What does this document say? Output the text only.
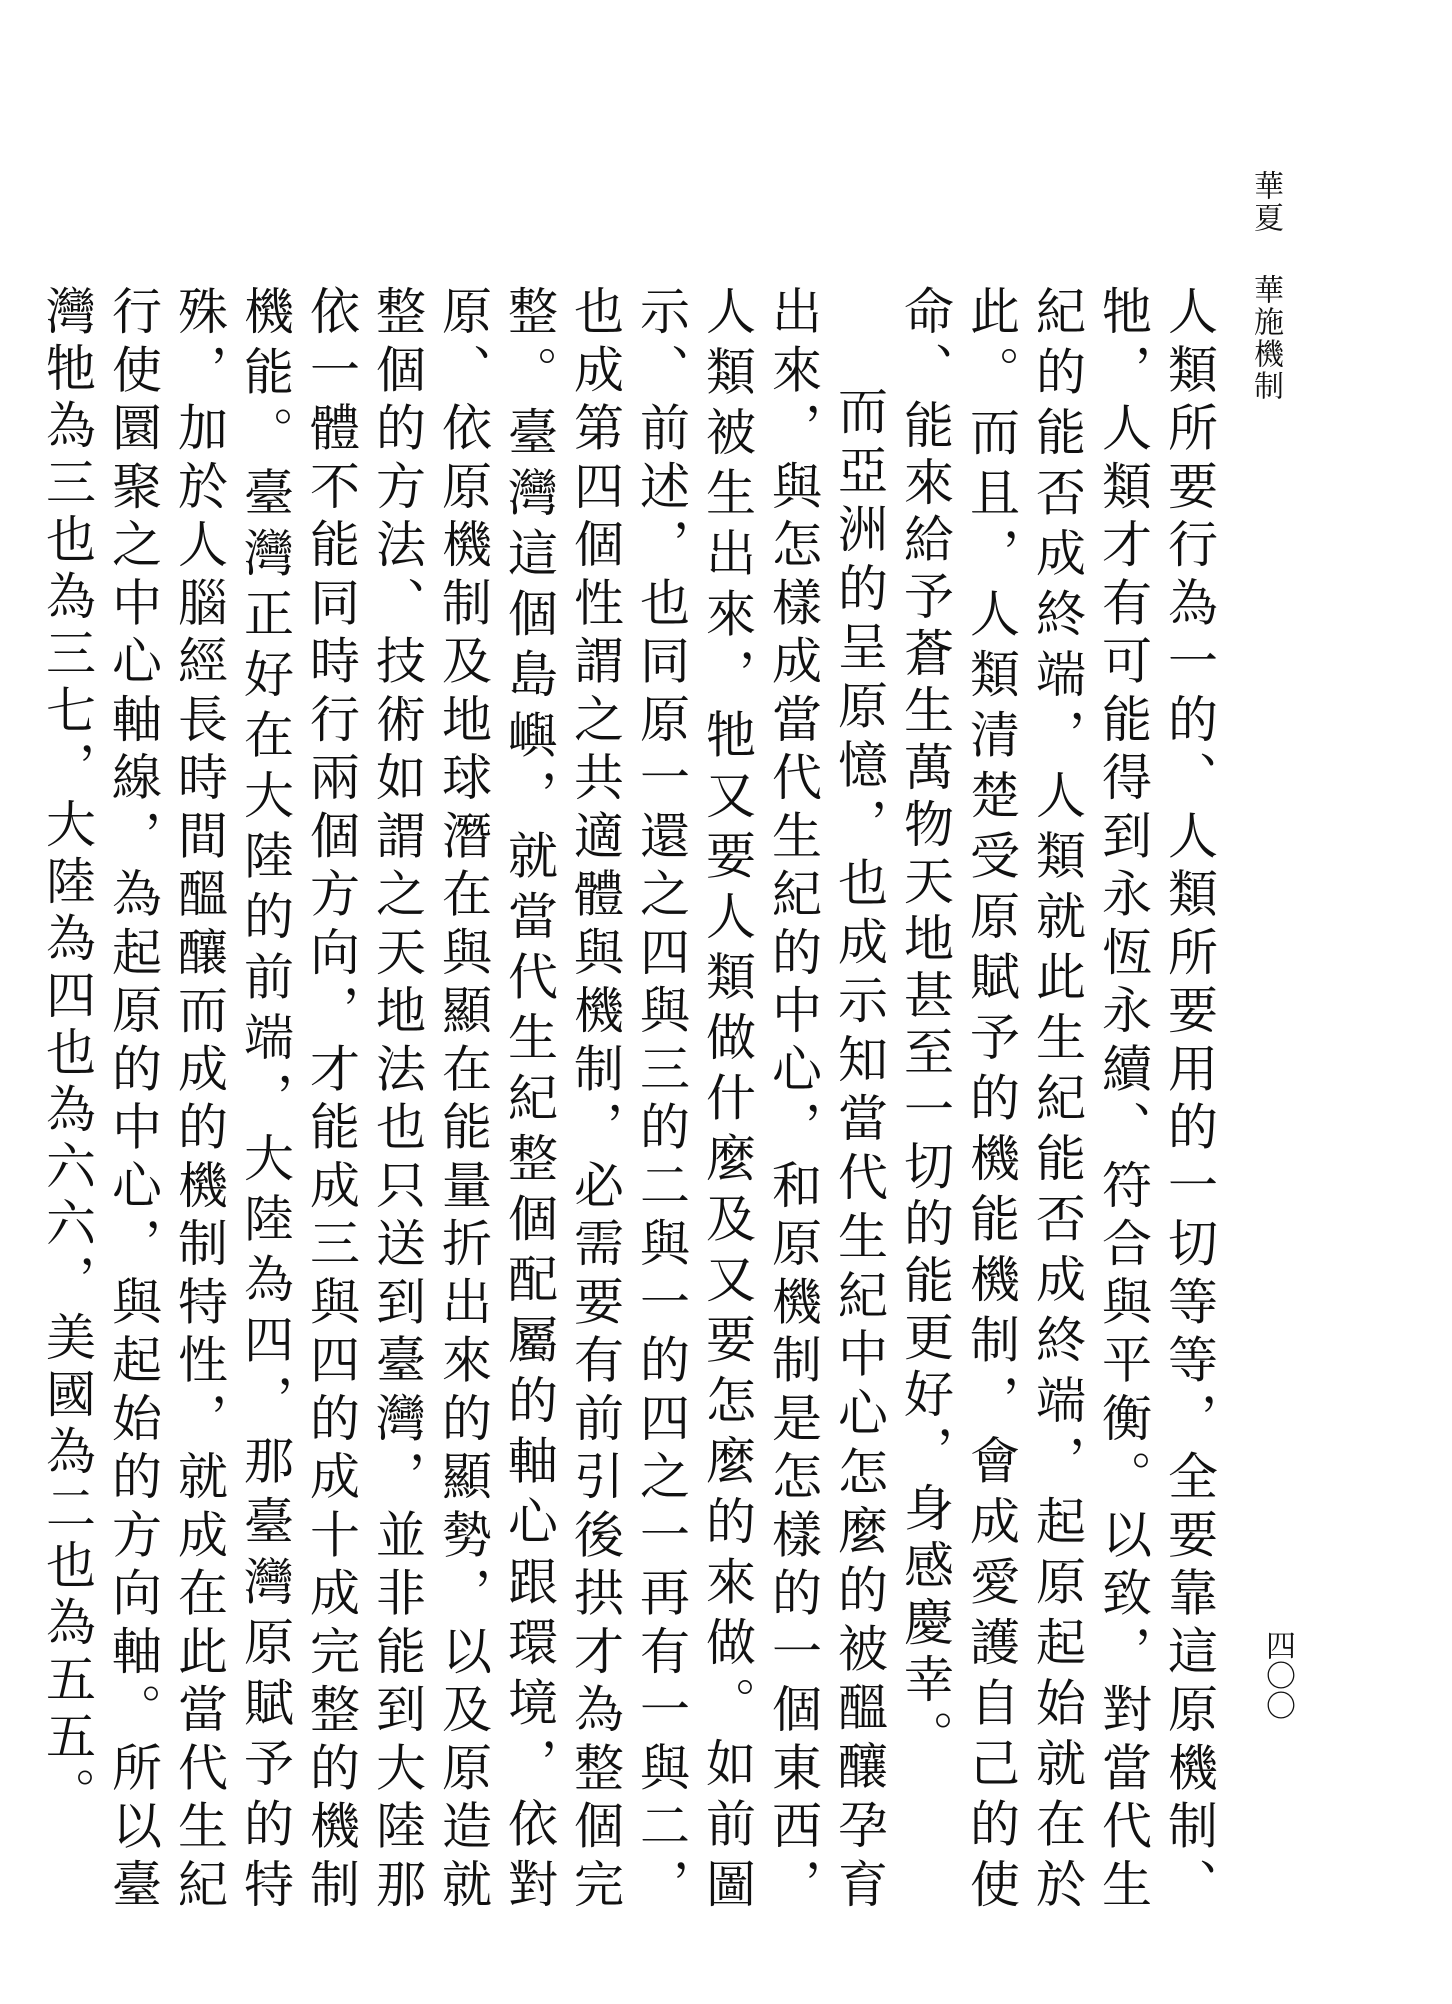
華夏華施機制

人類所要行為一的、人類所要用的一切等等，全要靠這原機制、牠，人類才有可能得到永恆永續、符合與平衡。以致，對當代生紀的能否成終端，人類就此生紀能否成終端，起原起始就在於此。而且，人類清楚受原賦予的機能機制，會成愛護自己的使命、能來給予蒼生萬物天地甚至一切的能更好，身感慶幸。

而亞洲的呈原憶，也成示知當代生紀中心怎麼的被醞釀孕育出來，與怎樣成當代生紀的中心，和原機制是怎樣的一個東西，人類被生出來，牠又要人類做什麼及又要怎麼的來做。如前圖示、前述，也同原一還之四與三的二與一的四之一再有一與二，也成第四個性謂之共適體與機制，必需要有前引後拱才為整個完整。臺灣這個島嶼，就當代生紀整個配屬的軸心跟環境，依對原、依原機制及地球潛在與顯在能量折出來的顯勢，以及原造就整個的方法、技術如謂之天地法也只送到臺灣，並非能到大陸那依一體不能同時行兩個方向，才能成三與四的成十成完整的機制機能。臺灣正好在大陸的前端，大陸為四，那臺灣原賦予的特殊，加於人腦經長時間醞釀而成的機制特性，就成在此當代生紀行使圜聚之中心軸線，為起原的中心，與起始的方向軸。所以臺灣牠為三也為三七，大陸為四也為六六，美國為二也為五五。	四〇〇
